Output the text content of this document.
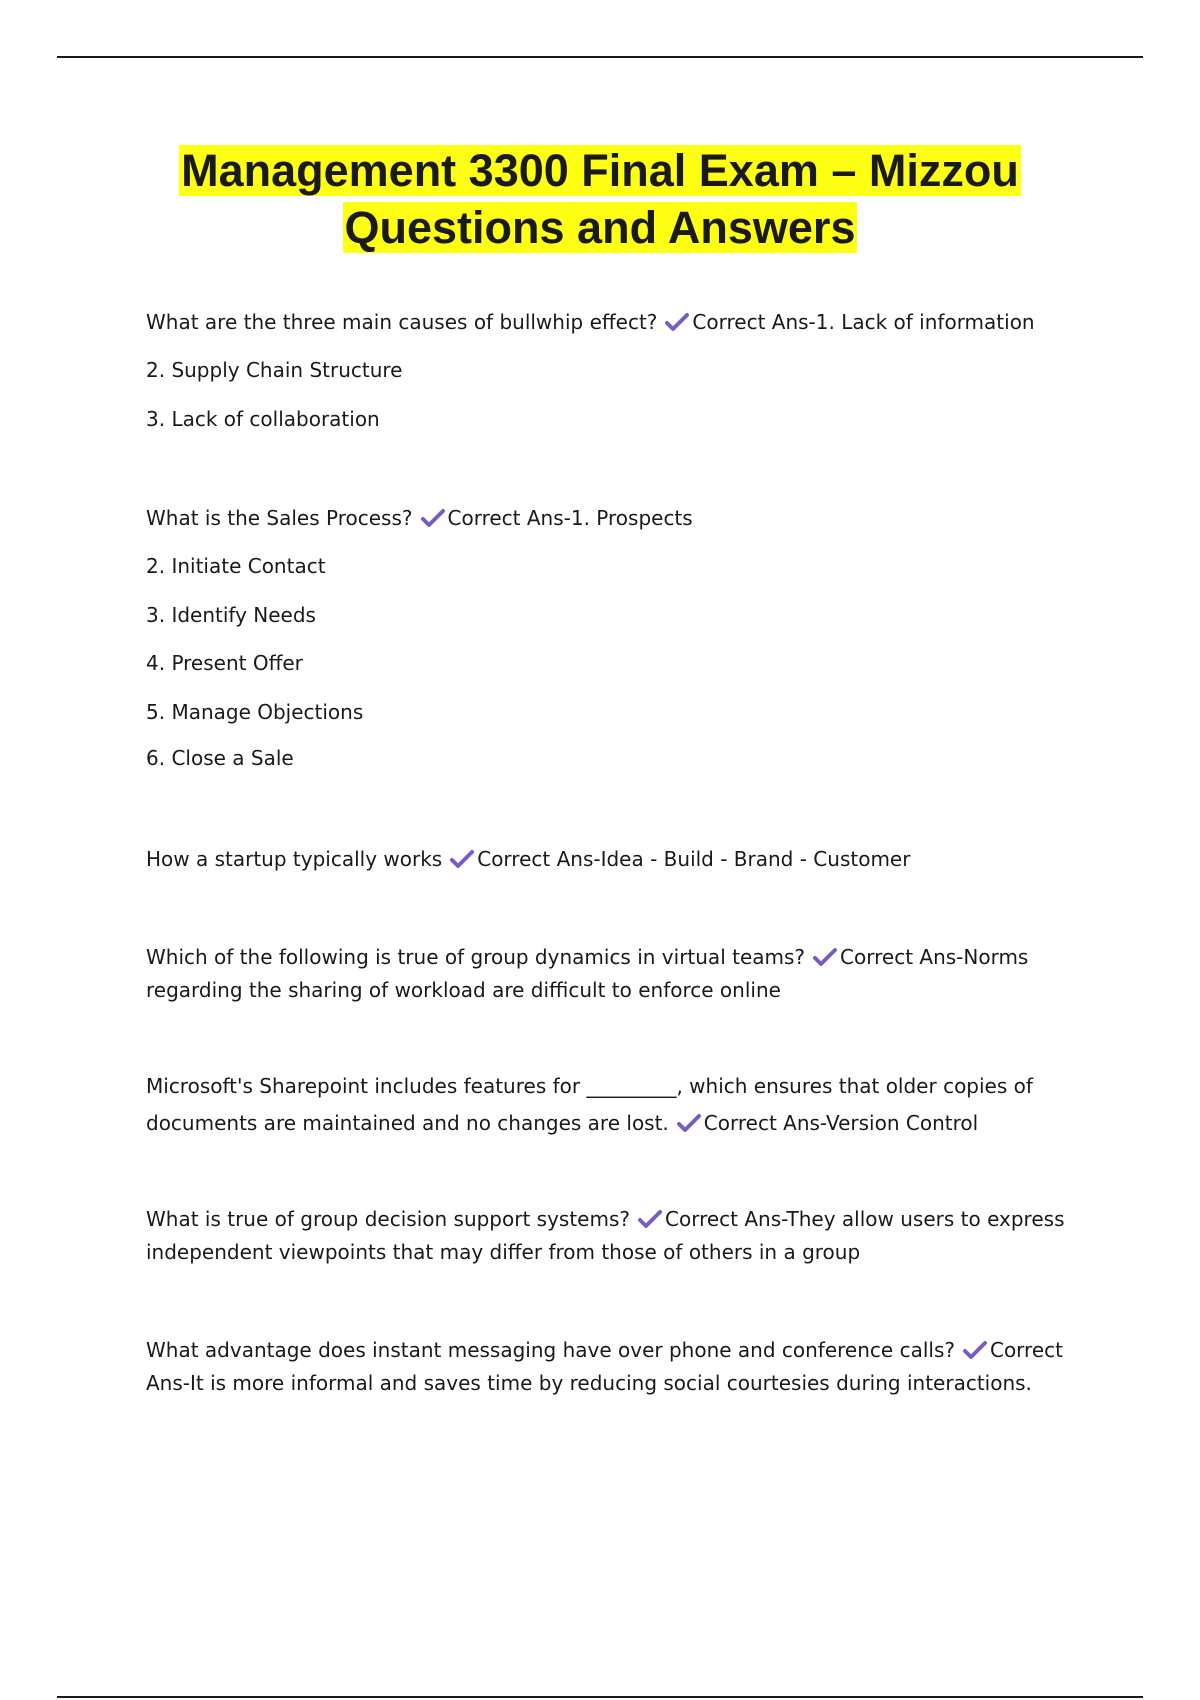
Management 3300 Final Exam – Mizzou
Questions and Answers
What are the three main causes of bullwhip effect? Correct Ans-1. Lack of information
2. Supply Chain Structure
3. Lack of collaboration
What is the Sales Process? Correct Ans-1. Prospects
2. Initiate Contact
3. Identify Needs
4. Present Offer
5. Manage Objections
6. Close a Sale
How a startup typically works Correct Ans-Idea - Build - Brand - Customer
Which of the following is true of group dynamics in virtual teams? Correct Ans-Norms regarding the sharing of workload are difficult to enforce online
Microsoft's Sharepoint includes features for _________, which ensures that older copies of documents are maintained and no changes are lost. Correct Ans-Version Control
What is true of group decision support systems? Correct Ans-They allow users to express independent viewpoints that may differ from those of others in a group
What advantage does instant messaging have over phone and conference calls? Correct Ans-It is more informal and saves time by reducing social courtesies during interactions.
